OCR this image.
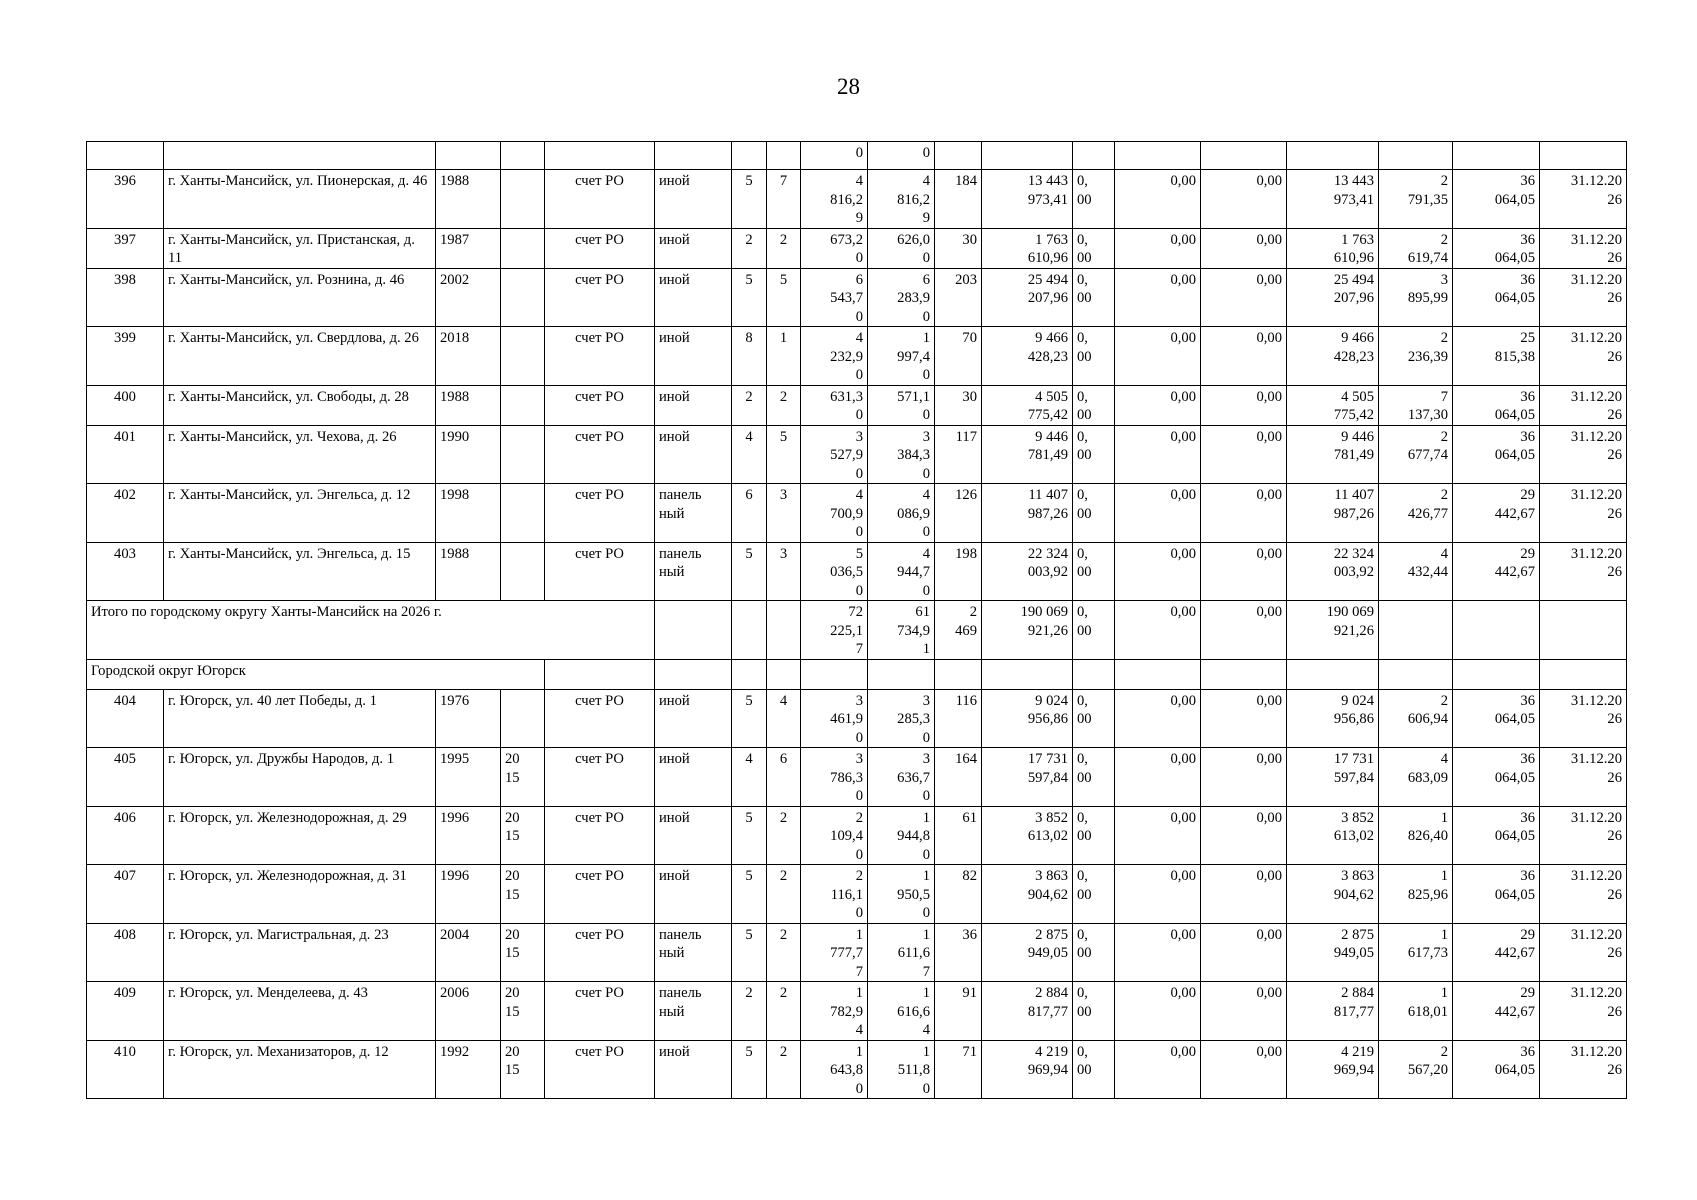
28
								0	0									
396	г. Ханты-Мансийск, ул. Пионерская, д. 46	1988		счет РО	иной	5	7	4
816,2
9	4
816,2
9	184	13 443
973,41	0,
00	0,00	0,00	13 443
973,41	2
791,35	36
064,05	31.12.20
26
397	г. Ханты-Мансийск, ул. Пристанская, д. 11	1987		счет РО	иной	2	2	673,2
0	626,0
0	30	1 763
610,96	0,
00	0,00	0,00	1 763
610,96	2
619,74	36
064,05	31.12.20
26
398	г. Ханты-Мансийск, ул. Рознина, д. 46	2002		счет РО	иной	5	5	6
543,7
0	6
283,9
0	203	25 494
207,96	0,
00	0,00	0,00	25 494
207,96	3
895,99	36
064,05	31.12.20
26
399	г. Ханты-Мансийск, ул. Свердлова, д. 26	2018		счет РО	иной	8	1	4
232,9
0	1
997,4
0	70	9 466
428,23	0,
00	0,00	0,00	9 466
428,23	2
236,39	25
815,38	31.12.20
26
400	г. Ханты-Мансийск, ул. Свободы, д. 28	1988		счет РО	иной	2	2	631,3
0	571,1
0	30	4 505
775,42	0,
00	0,00	0,00	4 505
775,42	7
137,30	36
064,05	31.12.20
26
401	г. Ханты-Мансийск, ул. Чехова, д. 26	1990		счет РО	иной	4	5	3
527,9
0	3
384,3
0	117	9 446
781,49	0,
00	0,00	0,00	9 446
781,49	2
677,74	36
064,05	31.12.20
26
402	г. Ханты-Мансийск, ул. Энгельса, д. 12	1998		счет РО	панель
ный	6	3	4
700,9
0	4
086,9
0	126	11 407
987,26	0,
00	0,00	0,00	11 407
987,26	2
426,77	29
442,67	31.12.20
26
403	г. Ханты-Мансийск, ул. Энгельса, д. 15	1988		счет РО	панель
ный	5	3	5
036,5
0	4
944,7
0	198	22 324
003,92	0,
00	0,00	0,00	22 324
003,92	4
432,44	29
442,67	31.12.20
26
Итого по городскому округу Ханты-Мансийск на 2026 г.								72
225,1
7	61
734,9
1	2
469	190 069
921,26	0,
00	0,00	0,00	190 069
921,26			
Городской округ Югорск																		
404	г. Югорск, ул. 40 лет Победы, д. 1	1976		счет РО	иной	5	4	3
461,9
0	3
285,3
0	116	9 024
956,86	0,
00	0,00	0,00	9 024
956,86	2
606,94	36
064,05	31.12.20
26
405	г. Югорск, ул. Дружбы Народов, д. 1	1995	20
15	счет РО	иной	4	6	3
786,3
0	3
636,7
0	164	17 731
597,84	0,
00	0,00	0,00	17 731
597,84	4
683,09	36
064,05	31.12.20
26
406	г. Югорск, ул. Железнодорожная, д. 29	1996	20
15	счет РО	иной	5	2	2
109,4
0	1
944,8
0	61	3 852
613,02	0,
00	0,00	0,00	3 852
613,02	1
826,40	36
064,05	31.12.20
26
407	г. Югорск, ул. Железнодорожная, д. 31	1996	20
15	счет РО	иной	5	2	2
116,1
0	1
950,5
0	82	3 863
904,62	0,
00	0,00	0,00	3 863
904,62	1
825,96	36
064,05	31.12.20
26
408	г. Югорск, ул. Магистральная, д. 23	2004	20
15	счет РО	панель
ный	5	2	1
777,7
7	1
611,6
7	36	2 875
949,05	0,
00	0,00	0,00	2 875
949,05	1
617,73	29
442,67	31.12.20
26
409	г. Югорск, ул. Менделеева, д. 43	2006	20
15	счет РО	панель
ный	2	2	1
782,9
4	1
616,6
4	91	2 884
817,77	0,
00	0,00	0,00	2 884
817,77	1
618,01	29
442,67	31.12.20
26
410	г. Югорск, ул. Механизаторов, д. 12	1992	20
15	счет РО	иной	5	2	1
643,8
0	1
511,8
0	71	4 219
969,94	0,
00	0,00	0,00	4 219
969,94	2
567,20	36
064,05	31.12.20
26
